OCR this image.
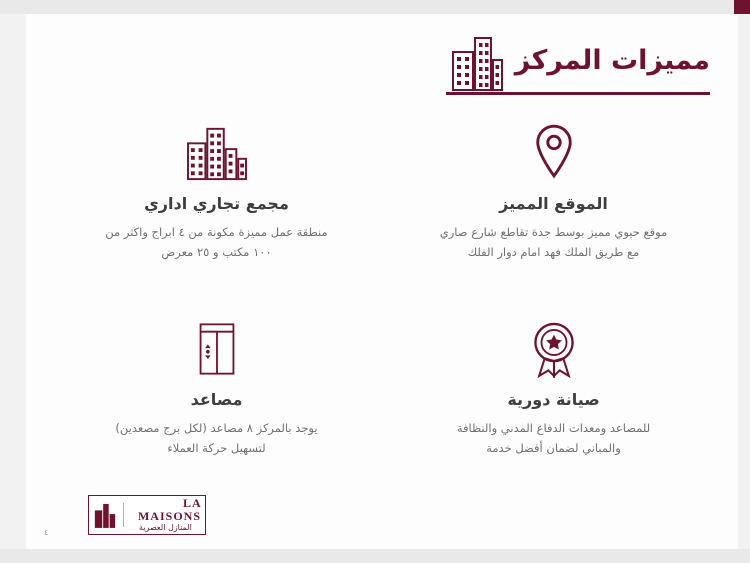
مميزات المركز
الموقع المميز

موقع حيوي مميز بوسط جدة تقاطع شارع صاري مع طريق الملك فهد امام دوار الفلك

مجمع تجاري اداري

منطقة عمل مميزة مكونة من ٤ ابراج واكثر من ١٠٠ مكتب و ٢٥ معرض

صيانة دورية

للمصاعد ومعدات الدفاع المدني والنظافة والمباني لضمان أفضل خدمة

مصاعد

يوجد بالمركز ٨ مصاعد (لكل برج مصعدين) لتسهيل حركة العملاء

LA MAISONS
المنازل العصرية
٤
